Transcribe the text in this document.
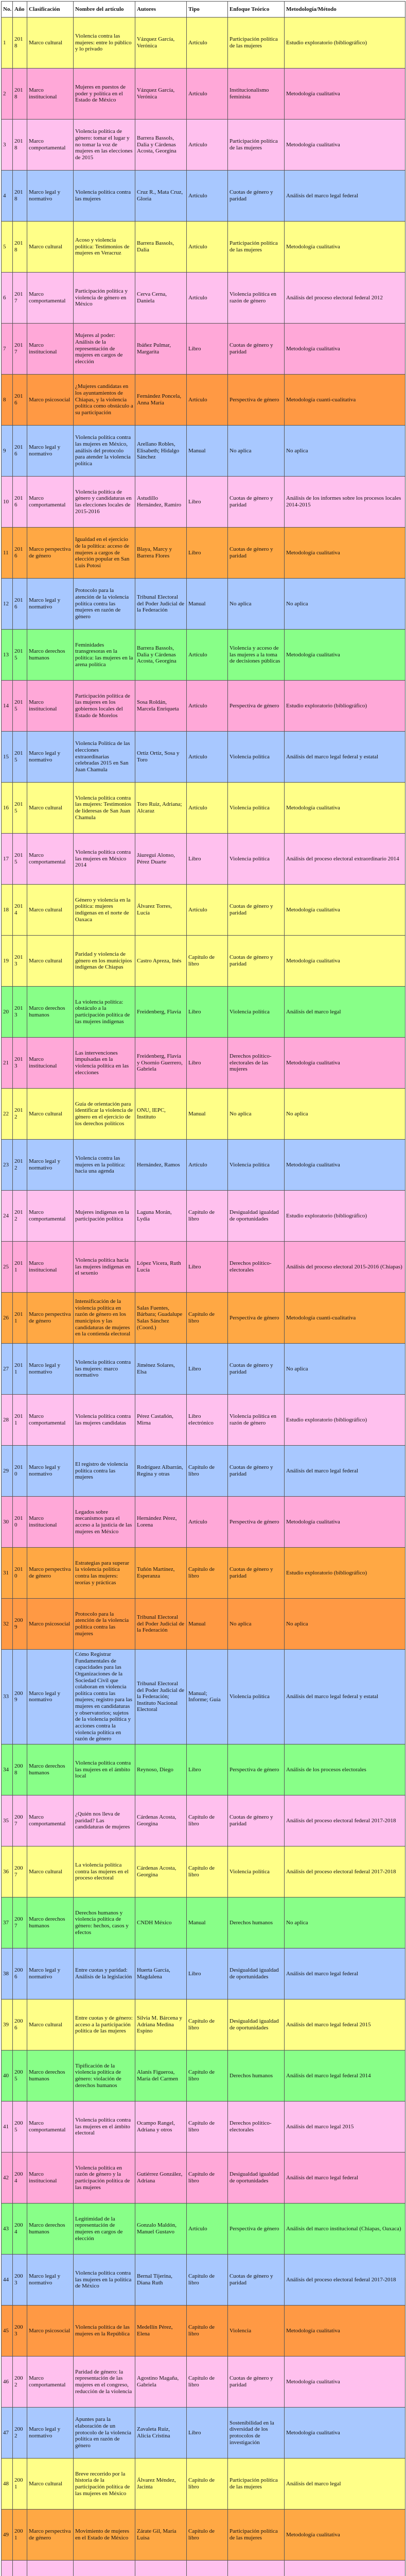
No.	Año	Clasificación	Nombre del artículo	Autores	Tipo	Enfoque Teórico	Metodología/Método
1	2018	Marco cultural	Violencia contra las mujeres: entre lo público y lo privado	Vázquez García, Verónica	Artículo	Participación política de las mujeres	Estudio exploratorio (bibliográfico)
2	2018	Marco institucional	Mujeres en puestos de poder y política en el Estado de México	Vázquez García, Verónica	Artículo	Institucionalismo feminista	Metodología cualitativa
3	2018	Marco comportamental	Violencia política de género: tomar el lugar y no tomar la voz de mujeres en las elecciones de 2015	Barrera Bassols, Dalia y Cárdenas Acosta, Georgina	Artículo	Participación política de las mujeres	Metodología cualitativa
4	2018	Marco legal y normativo	Violencia política contra las mujeres	Cruz R., Mata Cruz, Gloria	Artículo	Cuotas de género y paridad	Análisis del marco legal federal
5	2018	Marco cultural	Acoso y violencia política: Testimonios de mujeres en Veracruz	Barrera Bassols, Dalia	Artículo	Participación política de las mujeres	Metodología cualitativa
6	2017	Marco comportamental	Participación política y violencia de género en México	Cerva Cerna, Daniela	Artículo	Violencia política en razón de género	Análisis del proceso electoral federal 2012
7	2017	Marco institucional	Mujeres al poder: Análisis de la representación de mujeres en cargos de elección	Ibáñez Pulmar, Margarita	Libro	Cuotas de género y paridad	Metodología cualitativa
8	2016	Marco psicosocial	¿Mujeres candidatas en los ayuntamientos de Chiapas, y la violencia política como obstáculo a su participación	Fernández Poncela, Anna María	Artículo	Perspectiva de género	Metodología cuanti-cualitativa
9	2016	Marco legal y normativo	Violencia política contra las mujeres en México, análisis del protocolo para atender la violencia política	Arellano Robles, Elisabeth; Hidalgo Sánchez	Manual	No aplica	No aplica
10	2016	Marco comportamental	Violencia política de género y candidaturas en las elecciones locales de 2015-2016	Astudillo Hernández, Ramiro	Libro	Cuotas de género y paridad	Análisis de los informes sobre los procesos locales 2014-2015
11	2016	Marco perspectiva de género	Igualdad en el ejercicio de la política: acceso de mujeres a cargos de elección popular en San Luis Potosí	Blaya, Marcy y Barrera Flores	Libro	Cuotas de género y paridad	Metodología cualitativa
12	2016	Marco legal y normativo	Protocolo para la atención de la violencia política contra las mujeres en razón de género	Tribunal Electoral del Poder Judicial de la Federación	Manual	No aplica	No aplica
13	2015	Marco derechos humanos	Feminidades transgresoras en la política: las mujeres en la arena política	Barrera Bassols, Dalia y Cárdenas Acosta, Georgina	Artículo	Violencia y acceso de las mujeres a la toma de decisiones públicas	Metodología cualitativa
14	2015	Marco institucional	Participación política de las mujeres en los gobiernos locales del Estado de Morelos	Sosa Roldán, Marcela Enriqueta	Artículo	Perspectiva de género	Estudio exploratorio (bibliográfico)
15	2015	Marco legal y normativo	Violencia Política de las elecciones extraordinarias celebradas 2015 en San Juan Chamula	Ortíz Ortíz, Sosa y Toro	Artículo	Violencia política	Análisis del marco legal federal y estatal
16	2015	Marco cultural	Violencia política contra las mujeres: Testimonios de lideresas de San Juan Chamula	Toro Ruiz, Adriana; Alcaraz	Artículo	Violencia política	Metodología cualitativa
17	2015	Marco comportamental	Violencia política contra las mujeres en México 2014	Jáuregui Alonso, Pérez Duarte	Libro	Violencia política	Análisis del proceso electoral extraordinario 2014
18	2014	Marco cultural	Género y violencia en la política: mujeres indígenas en el norte de Oaxaca	Álvarez Torres, Lucía	Artículo	Cuotas de género y paridad	Metodología cualitativa
19	2013	Marco cultural	Paridad y violencia de género en los municipios indígenas de Chiapas	Castro Apreza, Inés	Capítulo de libro	Cuotas de género y paridad	Metodología cualitativa
20	2013	Marco derechos humanos	La violencia política: obstáculo a la participación política de las mujeres indígenas	Freidenberg, Flavia	Libro	Violencia política	Análisis del marco legal
21	2013	Marco institucional	Las intervenciones impulsadas en la violencia política en las elecciones	Freidenberg, Flavia y Osornio Guerrero, Gabriela	Libro	Derechos político-electorales de las mujeres	Metodología cualitativa
22	2012	Marco cultural	Guía de orientación para identificar la violencia de género en el ejercicio de los derechos políticos	ONU, IEPC, Instituto	Manual	No aplica	No aplica
23	2012	Marco legal y normativo	Violencia contra las mujeres en la política: hacia una agenda	Hernández, Ramos	Artículo	Violencia política	Metodología cualitativa
24	2012	Marco comportamental	Mujeres indígenas en la participación política	Laguna Morán, Lydia	Capítulo de libro	Desigualdad igualdad de oportunidades	Estudio exploratorio (bibliográfico)
25	2011	Marco institucional	Violencia política hacia las mujeres indígenas en el sexenio	López Vicera, Ruth Lucía	Libro	Derechos político-electorales	Análisis del proceso electoral 2015-2016 (Chiapas)
26	2011	Marco perspectiva de género	Intensificación de la violencia política en razón de género en los municipios y las candidaturas de mujeres en la contienda electoral	Salas Fuentes, Bárbara; Guadalupe Salas Sánchez (Coord.)	Capítulo de libro	Perspectiva de género	Metodología cuanti-cualitativa
27	2011	Marco legal y normativo	Violencia política contra las mujeres: marco normativo	Jiménez Solares, Elsa	Libro	Cuotas de género y paridad	No aplica
28	2011	Marco comportamental	Violencia política contra las mujeres candidatas	Pérez Castañón, Mirna	Libro electrónico	Violencia política en razón de género	Estudio exploratorio (bibliográfico)
29	2010	Marco legal y normativo	El registro de violencia política contra las mujeres	Rodríguez Albarrán, Regina y otras	Capítulo de libro	Cuotas de género y paridad	Análisis del marco legal federal
30	2010	Marco institucional	Legados sobre mecanismos para el acceso a la justicia de las mujeres en México	Hernández Pérez, Lorena	Artículo	Perspectiva de género	Metodología cualitativa
31	2010	Marco perspectiva de género	Estrategias para superar la violencia política contra las mujeres: teorías y prácticas	Tuñón Martínez, Esperanza	Capítulo de libro	Cuotas de género y paridad	Estudio exploratorio (bibliográfico)
32	2009	Marco psicosocial	Protocolo para la atención de la violencia política contra las mujeres	Tribunal Electoral del Poder Judicial de la Federación	Manual	No aplica	No aplica
33	2009	Marco legal y normativo	Cómo Registrar Fundamentales de capacidades para las Organizaciones de la Sociedad Civil que colaboran en violencia política contra las mujeres; registro para las mujeres en candidaturas y observatorios; sujetos de la violencia política y acciones contra la violencia política en razón de género	Tribunal Electoral del Poder Judicial de la Federación; Instituto Nacional Electoral	Manual; Informe; Guía	Violencia política	Análisis del marco legal federal y estatal
34	2008	Marco derechos humanos	Violencia política contra las mujeres en el ámbito local	Reynoso, Diego	Libro	Perspectiva de género	Análisis de los procesos electorales
35	2007	Marco comportamental	¿Quién nos lleva de paridad? Las candidaturas de mujeres	Cárdenas Acosta, Georgina	Capítulo de libro	Cuotas de género y paridad	Análisis del proceso electoral federal 2017-2018
36	2007	Marco cultural	La violencia política contra las mujeres en el proceso electoral	Cárdenas Acosta, Georgina	Capítulo de libro	Violencia política	Análisis del proceso electoral federal 2017-2018
37	2007	Marco derechos humanos	Derechos humanos y violencia política de género: hechos, casos y efectos	CNDH México	Manual	Derechos humanos	No aplica
38	2006	Marco legal y normativo	Entre cuotas y paridad: Análisis de la legislación	Huerta García, Magdalena	Libro	Desigualdad igualdad de oportunidades	Análisis del marco legal federal
39	2006	Marco cultural	Entre cuotas y de género: acceso a la participación política de las mujeres	Silvia M. Bárcena y Adriana Medina Espino	Capítulo de libro	Desigualdad igualdad de oportunidades	Análisis del marco legal federal 2015
40	2005	Marco derechos humanos	Tipificación de la violencia política de género: violación de derechos humanos	Alanís Figueroa, María del Carmen	Capítulo de libro	Derechos humanos	Análisis del marco legal federal 2014
41	2005	Marco comportamental	Violencia política contra las mujeres en el ámbito electoral	Ocampo Rangel, Adriana y otros	Capítulo de libro	Derechos político-electorales	Análisis del marco legal 2015
42	2004	Marco institucional	Violencia política en razón de género y la participación política de las mujeres	Gutiérrez González, Adriana	Capítulo de libro	Desigualdad igualdad de oportunidades	Análisis del marco legal federal
43	2004	Marco derechos humanos	Legitimidad de la representación de mujeres en cargos de elección	Gonzalo Maldón, Manuel Gustavo	Artículo	Perspectiva de género	Análisis del marco institucional (Chiapas, Oaxaca)
44	2003	Marco legal y normativo	Violencia política contra las mujeres en la política de México	Bernal Tijerina, Diana Ruth	Capítulo de libro	Cuotas de género y paridad	Análisis del proceso electoral federal 2017-2018
45	2003	Marco psicosocial	Violencia política de las mujeres en la República	Medellín Pérez, Elena	Capítulo de libro	Violencia	Metodología cualitativa
46	2002	Marco comportamental	Paridad de género: la representación de las mujeres en el congreso, reducción de la violencia	Agostino Magaña, Gabriela	Capítulo de libro	Cuotas de género y paridad	Metodología cualitativa
47	2002	Marco legal y normativo	Apuntes para la elaboración de un protocolo de la violencia política en razón de género	Zavaleta Ruiz, Alicia Cristina	Libro	Sostenibilidad en la diversidad de los protocolos de investigación	Metodología cualitativa
48	2001	Marco cultural	Breve recorrido por la historia de la participación política de las mujeres en México	Álvarez Méndez, Jacinta	Capítulo de libro	Participación política de las mujeres	Análisis del marco legal
49	2001	Marco perspectiva de género	Movimiento de mujeres en el Estado de México	Zárate Gil, María Luisa	Capítulo de libro	Participación política de las mujeres	Metodología cualitativa
